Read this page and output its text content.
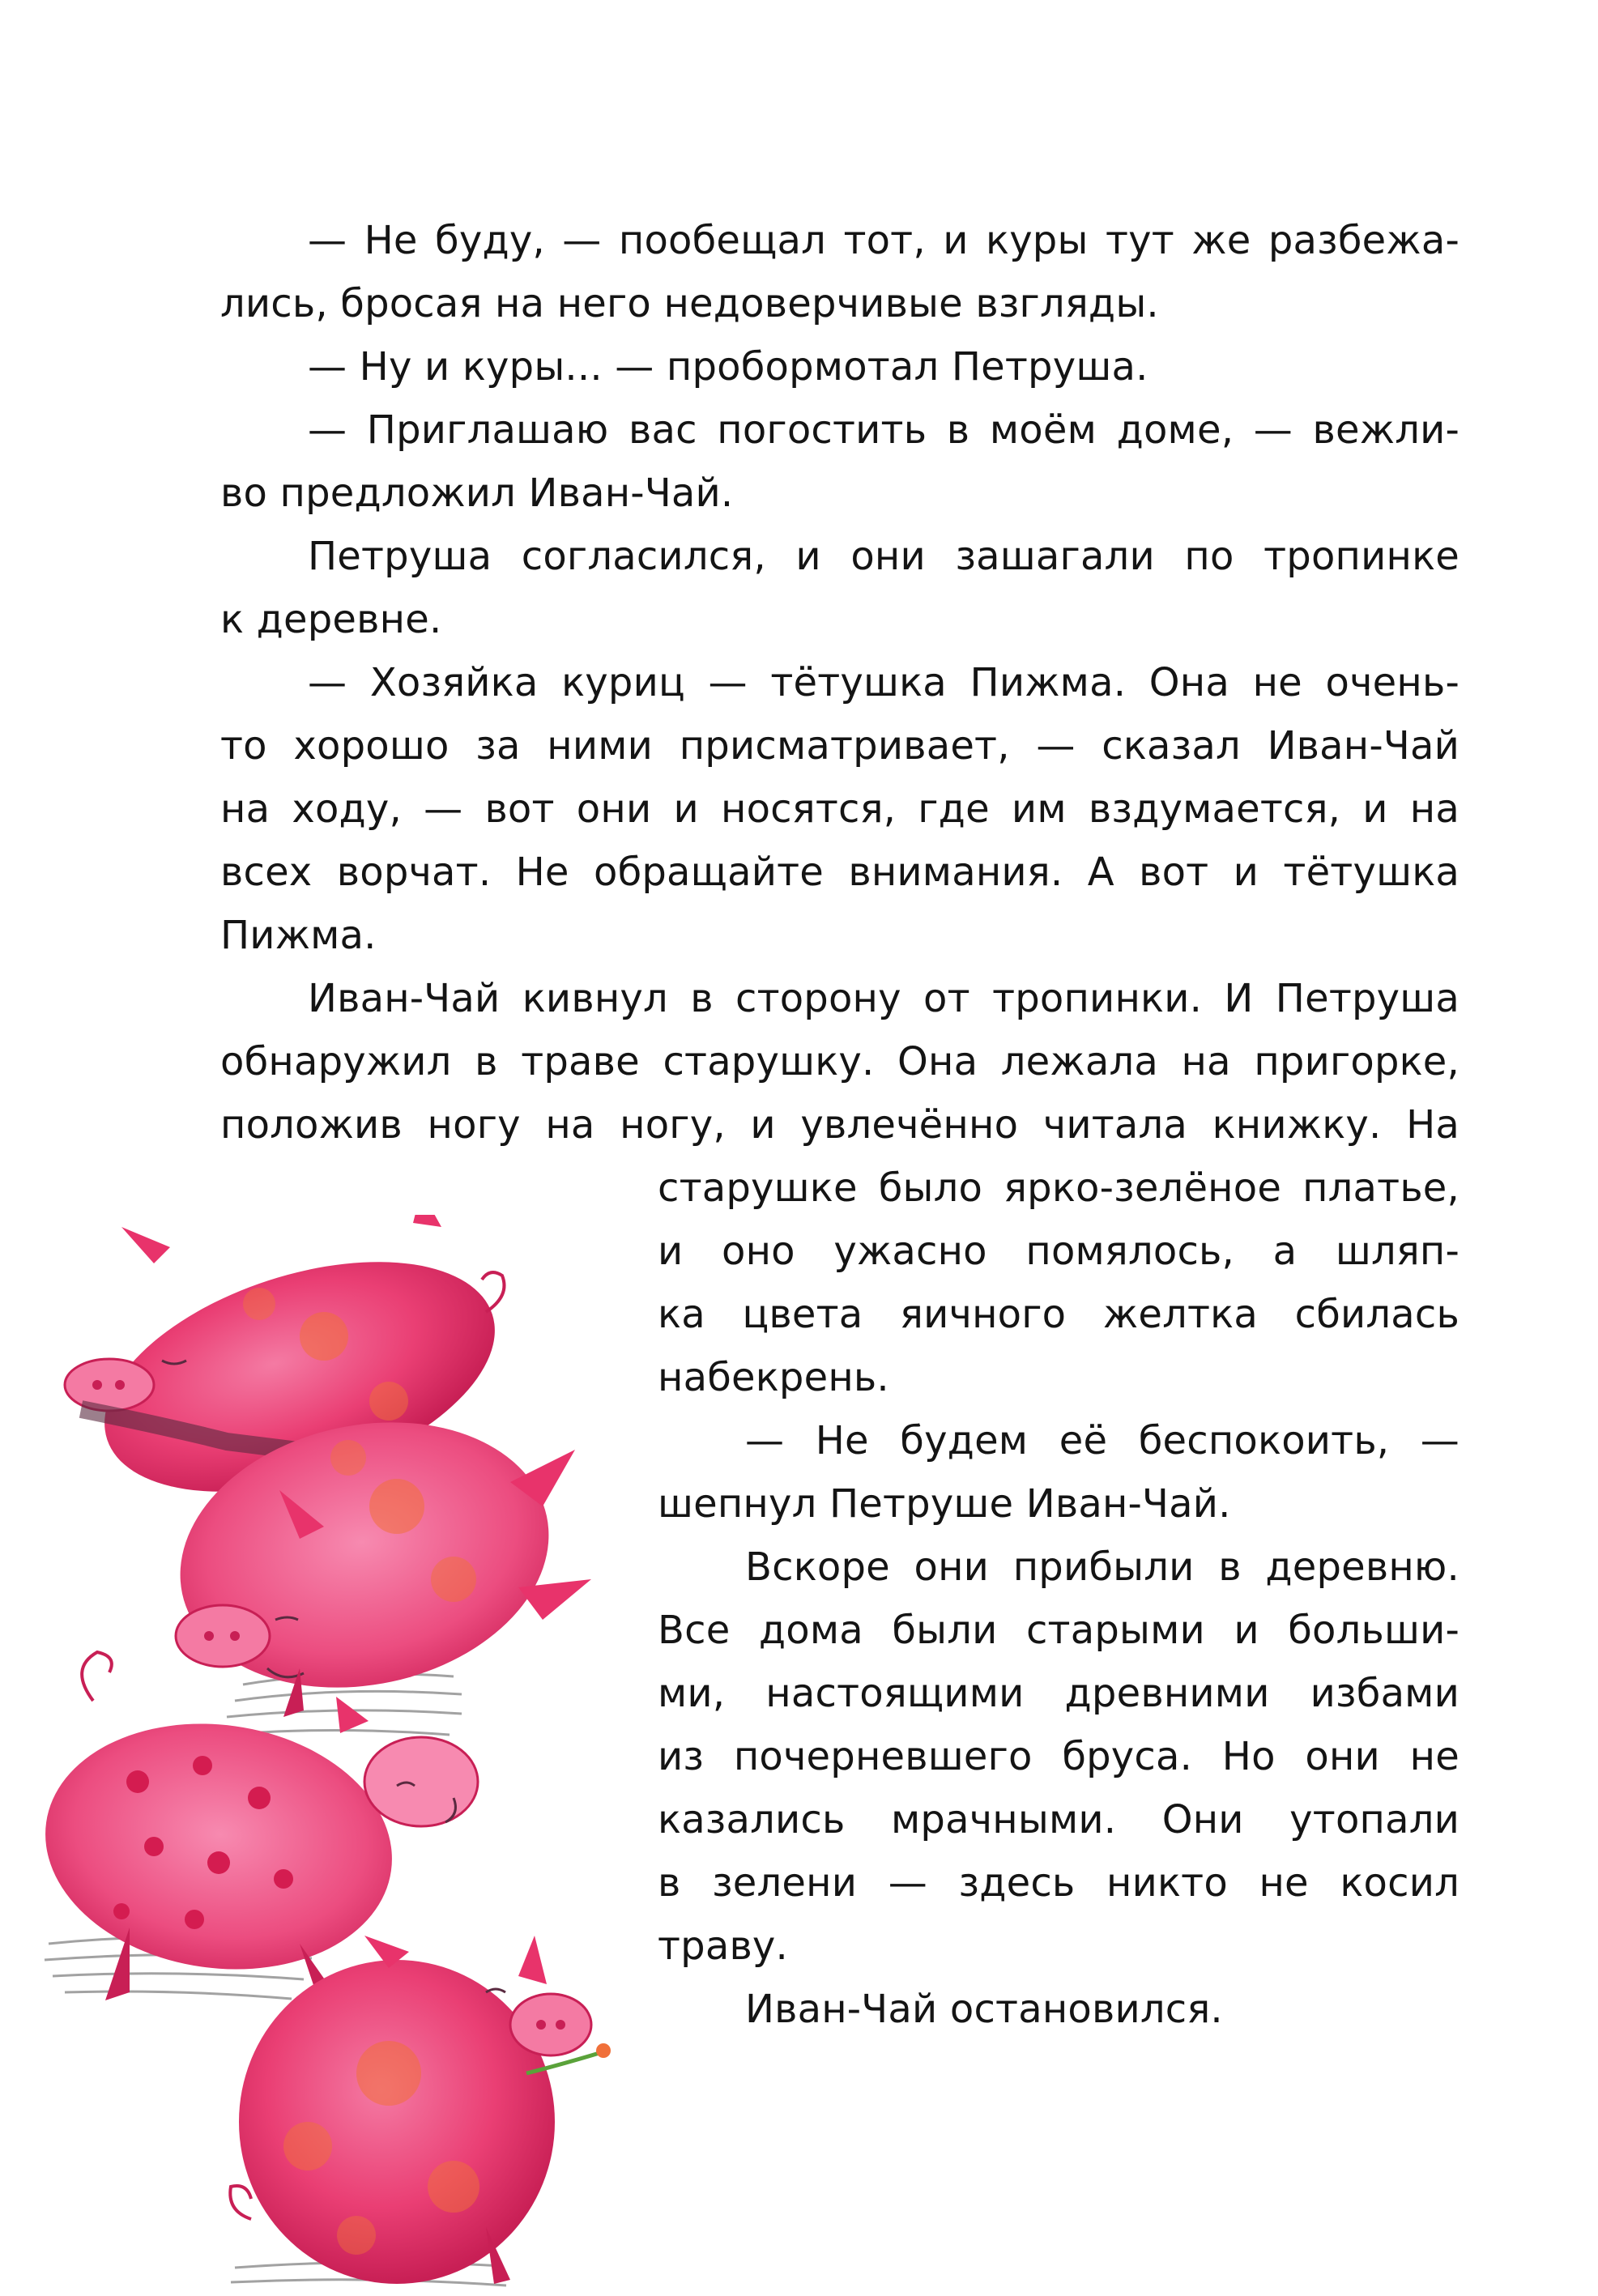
— Не буду, — пообещал тот, и куры тут же разбежа-
лись, бросая на него недоверчивые взгляды.
— Ну и куры... — пробормотал Петруша.
— Приглашаю вас погостить в моём доме, — вежли-
во предложил Иван-Чай.
Петруша согласился, и они зашагали по тропинке
к деревне.
— Хозяйка куриц — тётушка Пижма. Она не очень-
то хорошо за ними присматривает, — сказал Иван-Чай
на ходу, — вот они и носятся, где им вздумается, и на
всех ворчат. Не обращайте внимания. А вот и тётушка
Пижма.
Иван-Чай кивнул в сторону от тропинки. И Петруша
обнаружил в траве старушку. Она лежала на пригорке,
положив ногу на ногу, и увлечённо читала книжку. На
старушке было ярко-зелёное платье,
и оно ужасно помялось, а шляп-
ка цвета яичного желтка сбилась
набекрень.
— Не будем её беспокоить, —
шепнул Петруше Иван-Чай.
Вскоре они прибыли в деревню.
Все дома были старыми и больши-
ми, настоящими древними избами
из почерневшего бруса. Но они не
казались мрачными. Они утопали
в зелени — здесь никто не косил
траву.
Иван-Чай остановился.
